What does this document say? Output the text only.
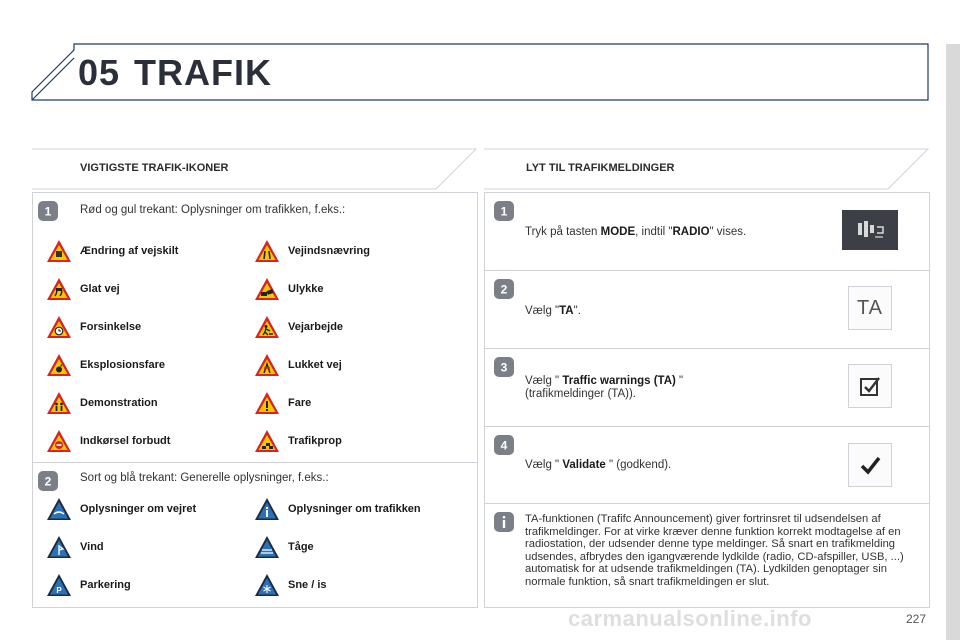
05 TRAFIK
VIGTIGSTE TRAFIK-IKONER	LYT TIL TRAFIKMELDINGER
1 Rød og gul trekant: Oplysninger om trafikken, f.eks.:
Ændring af vejskilt	Vejindsnævring
Glat vej	Ulykke
Forsinkelse	Vejarbejde
Eksplosionsfare	Lukket vej
Demonstration	Fare
Indkørsel forbudt	Trafikprop
2 Sort og blå trekant: Generelle oplysninger, f.eks.:
Oplysninger om vejret	Oplysninger om trafikken
Vind	Tåge
P Parkering	Sne / is
1
Tryk på tasten MODE, indtil "RADIO" vises.
2
Vælg "TA".	TA
3
Vælg " Traffic warnings (TA) "
(trafikmeldinger (TA)).
4
Vælg " Validate " (godkend).
TA-funktionen (Trafifc Announcement) giver fortrinsret til udsendelsen af trafikmeldinger. For at virke kræver denne funktion korrekt modtagelse af en radiostation, der udsender denne type meldinger. Så snart en trafikmelding udsendes, afbrydes den igangværende lydkilde (radio, CD-afspiller, USB, ...) automatisk for at udsende trafikmeldingen (TA). Lydkilden genoptager sin normale funktion, så snart trafikmeldingen er slut.
carmanualsonline.info	227
